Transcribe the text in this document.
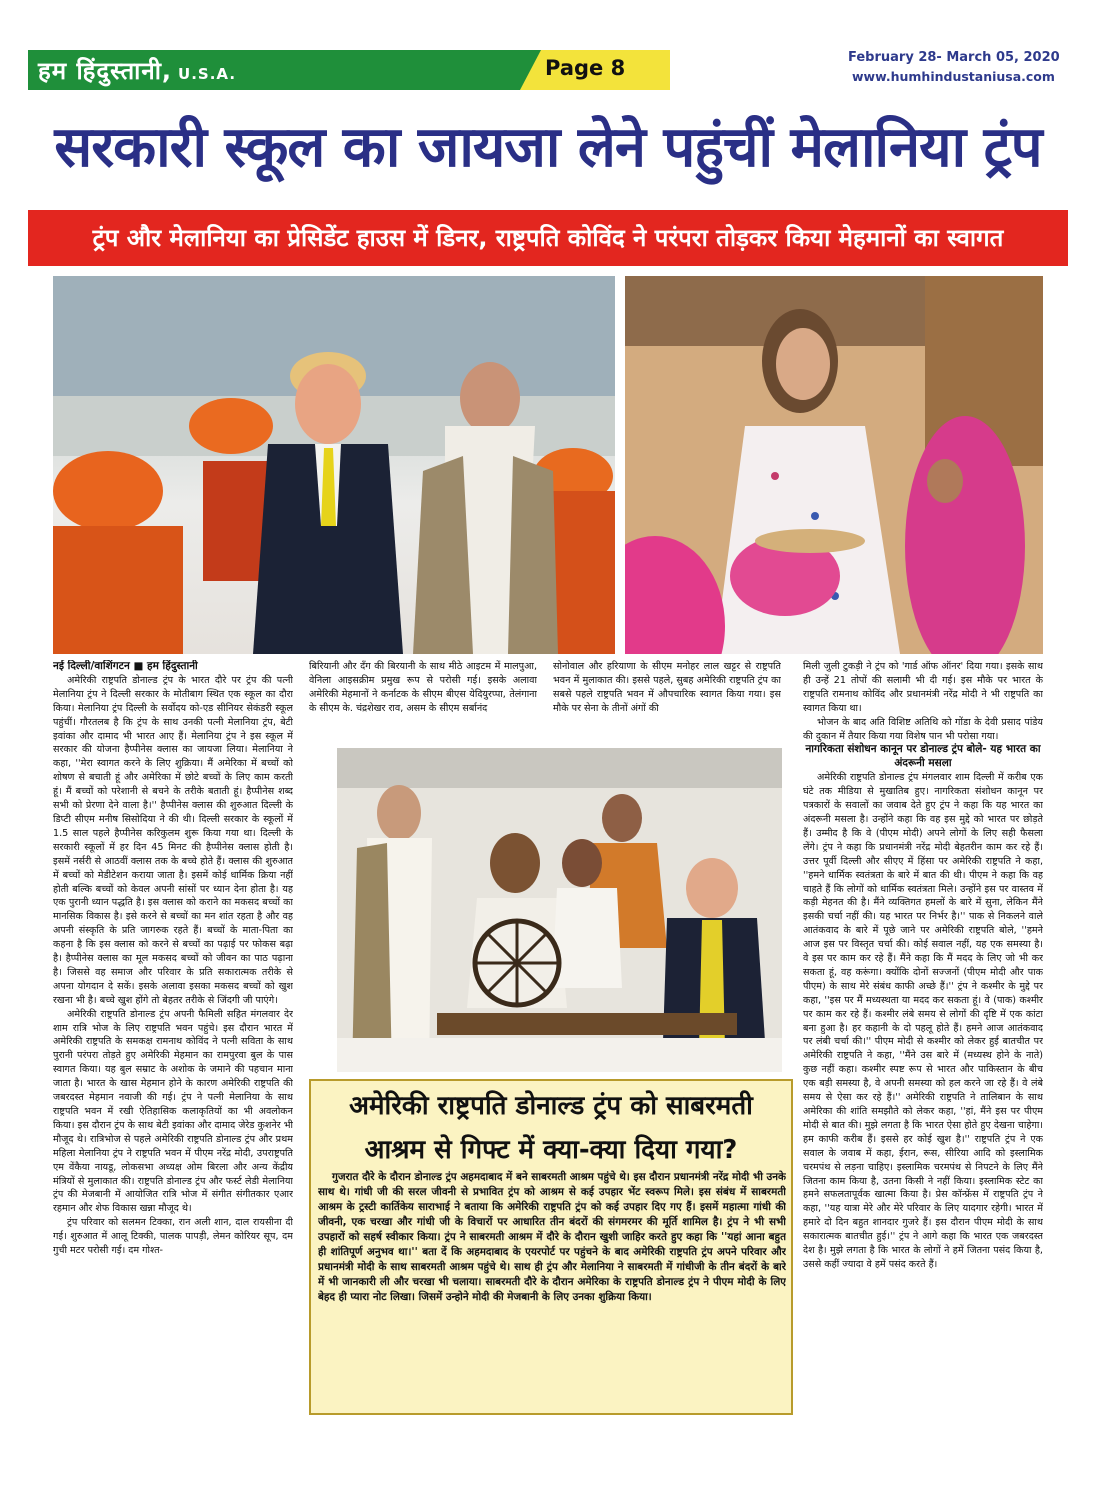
हम हिंदुस्तानी, U.S.A.	Page 8	February 28- March 05, 2020
www.humhindustaniusa.com
सरकारी स्कूल का जायजा लेने पहुंचीं मेलानिया ट्रंप
ट्रंप और मेलानिया का प्रेसिडेंट हाउस में डिनर, राष्ट्रपति कोविंद ने परंपरा तोड़कर किया मेहमानों का स्वागत

नई दिल्ली/वाशिंगटन ■ हम हिंदुस्तानी

अमेरिकी राष्ट्रपति डोनाल्ड ट्रंप के भारत दौरे पर ट्रंप की पत्नी मेलानिया ट्रंप ने दिल्ली सरकार के मोतीबाग स्थित एक स्कूल का दौरा किया। मेलानिया ट्रंप दिल्ली के सर्वोदय को-एड सीनियर सेकंडरी स्कूल पहुंचीं। गौरतलब है कि ट्रंप के साथ उनकी पत्नी मेलानिया ट्रंप, बेटी इवांका और दामाद भी भारत आए हैं। मेलानिया ट्रंप ने इस स्कूल में सरकार की योजना हैप्पीनेस क्लास का जायजा लिया। मेलानिया ने कहा, ''मेरा स्वागत करने के लिए शुक्रिया। मैं अमेरिका में बच्चों को शोषण से बचाती हूं और अमेरिका में छोटे बच्चों के लिए काम करती हूं। मैं बच्चों को परेशानी से बचने के तरीके बताती हूं। हैप्पीनेस शब्द सभी को प्रेरणा देने वाला है।'' हैप्पीनेस क्लास की शुरुआत दिल्ली के डिप्टी सीएम मनीष सिसोदिया ने की थी। दिल्ली सरकार के स्कूलों में 1.5 साल पहले हैप्पीनेस करिकुलम शुरू किया गया था। दिल्ली के सरकारी स्कूलों में हर दिन 45 मिनट की हैप्पीनेस क्लास होती है। इसमें नर्सरी से आठवीं क्लास तक के बच्चे होते हैं। क्लास की शुरुआत में बच्चों को मेडीटेशन कराया जाता है। इसमें कोई धार्मिक क्रिया नहीं होती बल्कि बच्चों को केवल अपनी सांसों पर ध्यान देना होता है। यह एक पुरानी ध्यान पद्धति है। इस क्लास को कराने का मकसद बच्चों का मानसिक विकास है। इसे करने से बच्चों का मन शांत रहता है और वह अपनी संस्कृति के प्रति जागरुक रहते हैं। बच्चों के माता-पिता का कहना है कि इस क्लास को करने से बच्चों का पढ़ाई पर फोकस बढ़ा है। हैप्पीनेस क्लास का मूल मकसद बच्चों को जीवन का पाठ पढ़ाना है। जिससे वह समाज और परिवार के प्रति सकारात्मक तरीके से अपना योगदान दे सकें। इसके अलावा इसका मकसद बच्चों को खुश रखना भी है। बच्चे खुश होंगे तो बेहतर तरीके से जिंदगी जी पाएंगे।

अमेरिकी राष्ट्रपति डोनाल्ड ट्रंप अपनी फैमिली सहित मंगलवार देर शाम रात्रि भोज के लिए राष्ट्रपति भवन पहुंचे। इस दौरान भारत में अमेरिकी राष्ट्रपति के समकक्ष रामनाथ कोविंद ने पत्नी सविता के साथ पुरानी परंपरा तोड़ते हुए अमेरिकी मेहमान का रामपुरवा बुल के पास स्वागत किया। यह बुल सम्राट के अशोक के जमाने की पहचान माना जाता है। भारत के खास मेहमान होने के कारण अमेरिकी राष्ट्रपति की जबरदस्त मेहमान नवाजी की गई। ट्रंप ने पत्नी मेलानिया के साथ राष्ट्रपति भवन में रखी ऐतिहासिक कलाकृतियों का भी अवलोकन किया। इस दौरान ट्रंप के साथ बेटी इवांका और दामाद जेरेड कुशनेर भी मौजूद थे। रात्रिभोज से पहले अमेरिकी राष्ट्रपति डोनाल्ड ट्रंप और प्रथम महिला मेलानिया ट्रंप ने राष्ट्रपति भवन में पीएम नरेंद्र मोदी, उपराष्ट्रपति एम वेंकैया नायडू, लोकसभा अध्यक्ष ओम बिरला और अन्य केंद्रीय मंत्रियों से मुलाकात की। राष्ट्रपति डोनाल्ड ट्रंप और फर्स्ट लेडी मेलानिया ट्रंप की मेजबानी में आयोजित रात्रि भोज में संगीत संगीतकार एआर रहमान और शेफ विकास खन्ना मौजूद थे।

ट्रंप परिवार को सलमन टिक्का, रान अली शान, दाल रायसीना दी गई। शुरुआत में आलू टिक्की, पालक पापड़ी, लेमन कोरियर सूप, दम गुची मटर परोसी गई। दम गोश्त-

बिरियानी और दँग की बिरयानी के साथ मीठे आइटम में मालपुआ, वेनिला आइसक्रीम प्रमुख रूप से परोसी गई। इसके अलावा अमेरिकी मेहमानों ने कर्नाटक के सीएम बीएस येदियुरप्पा, तेलंगाना के सीएम के. चंद्रशेखर राव, असम के सीएम सर्बानंद

सोनोवाल और हरियाणा के सीएम मनोहर लाल खट्टर से राष्ट्रपति भवन में मुलाकात की। इससे पहले, सुबह अमेरिकी राष्ट्रपति ट्रंप का सबसे पहले राष्ट्रपति भवन में औपचारिक स्वागत किया गया। इस मौके पर सेना के तीनों अंगों की

मिली जुली टुकड़ी ने ट्रंप को 'गार्ड ऑफ ऑनर' दिया गया। इसके साथ ही उन्हें 21 तोपों की सलामी भी दी गई। इस मौके पर भारत के राष्ट्रपति रामनाथ कोविंद और प्रधानमंत्री नरेंद्र मोदी ने भी राष्ट्रपति का स्वागत किया था।

भोजन के बाद अति विशिष्ट अतिथि को गोंडा के देवी प्रसाद पांडेय की दुकान में तैयार किया गया विशेष पान भी परोसा गया।

नागरिकता संशोधन कानून पर डोनाल्ड ट्रंप बोले- यह भारत का अंदरूनी मसला

अमेरिकी राष्ट्रपति डोनाल्ड ट्रंप मंगलवार शाम दिल्ली में करीब एक घंटे तक मीडिया से मुखातिब हुए। नागरिकता संशोधन कानून पर पत्रकारों के सवालों का जवाब देते हुए ट्रंप ने कहा कि यह भारत का अंदरूनी मसला है। उन्होंने कहा कि वह इस मुद्दे को भारत पर छोड़ते हैं। उम्मीद है कि वे (पीएम मोदी) अपने लोगों के लिए सही फैसला लेंगे। ट्रंप ने कहा कि प्रधानमंत्री नरेंद्र मोदी बेहतरीन काम कर रहे हैं। उत्तर पूर्वी दिल्ली और सीएए में हिंसा पर अमेरिकी राष्ट्रपति ने कहा, ''हमने धार्मिक स्वतंत्रता के बारे में बात की थी। पीएम ने कहा कि वह चाहते हैं कि लोगों को धार्मिक स्वतंत्रता मिले। उन्होंने इस पर वास्तव में कड़ी मेहनत की है। मैंने व्यक्तिगत हमलों के बारे में सुना, लेकिन मैंने इसकी चर्चा नहीं की। यह भारत पर निर्भर है।'' पाक से निकलने वाले आतंकवाद के बारे में पूछे जाने पर अमेरिकी राष्ट्रपति बोले, ''हमने आज इस पर विस्तृत चर्चा की। कोई सवाल नहीं, यह एक समस्या है। वे इस पर काम कर रहे हैं। मैंने कहा कि मैं मदद के लिए जो भी कर सकता हूं, वह करूंगा। क्योंकि दोनों सज्जनों (पीएम मोदी और पाक पीएम) के साथ मेरे संबंध काफी अच्छे हैं।'' ट्रंप ने कश्मीर के मुद्दे पर कहा, ''इस पर मैं मध्यस्थता या मदद कर सकता हूं। वे (पाक) कश्मीर पर काम कर रहे हैं। कश्मीर लंबे समय से लोगों की दृष्टि में एक कांटा बना हुआ है। हर कहानी के दो पहलू होते हैं। हमने आज आतंकवाद पर लंबी चर्चा की।'' पीएम मोदी से कश्मीर को लेकर हुई बातचीत पर अमेरिकी राष्ट्रपति ने कहा, ''मैंने उस बारे में (मध्यस्थ होने के नाते) कुछ नहीं कहा। कश्मीर स्पष्ट रूप से भारत और पाकिस्तान के बीच एक बड़ी समस्या है, वे अपनी समस्या को हल करने जा रहे हैं। वे लंबे समय से ऐसा कर रहे हैं।'' अमेरिकी राष्ट्रपति ने तालिबान के साथ अमेरिका की शांति समझौते को लेकर कहा, ''हां, मैंने इस पर पीएम मोदी से बात की। मुझे लगता है कि भारत ऐसा होते हुए देखना चाहेगा। हम काफी करीब हैं। इससे हर कोई खुश है।'' राष्ट्रपति ट्रंप ने एक सवाल के जवाब में कहा, ईरान, रूस, सीरिया आदि को इस्लामिक चरमपंथ से लड़ना चाहिए। इस्लामिक चरमपंथ से निपटने के लिए मैंने जितना काम किया है, उतना किसी ने नहीं किया। इस्लामिक स्टेट का हमने सफलतापूर्वक खात्मा किया है। प्रेस कॉन्फ्रेंस में राष्ट्रपति ट्रंप ने कहा, ''यह यात्रा मेरे और मेरे परिवार के लिए यादगार रहेगी। भारत में हमारे दो दिन बहुत शानदार गुजरे हैं। इस दौरान पीएम मोदी के साथ सकारात्मक बातचीत हुई।'' ट्रंप ने आगे कहा कि भारत एक जबरदस्त देश है। मुझे लगता है कि भारत के लोगों ने हमें जितना पसंद किया है, उससे कहीं ज्यादा वे हमें पसंद करते हैं।

अमेरिकी राष्ट्रपति डोनाल्ड ट्रंप को साबरमती
आश्रम से गिफ्ट में क्या-क्या दिया गया?

गुजरात दौरे के दौरान डोनाल्ड ट्रंप अहमदाबाद में बने साबरमती आश्रम पहुंचे थे। इस दौरान प्रधानमंत्री नरेंद्र मोदी भी उनके साथ थे। गांधी जी की सरल जीवनी से प्रभावित ट्रंप को आश्रम से कई उपहार भेंट स्वरूप मिले। इस संबंध में साबरमती आश्रम के ट्रस्टी कार्तिकेय साराभाई ने बताया कि अमेरिकी राष्ट्रपति ट्रंप को कई उपहार दिए गए हैं। इसमें महात्मा गांधी की जीवनी, एक चरखा और गांधी जी के विचारों पर आधारित तीन बंदरों की संगमरमर की मूर्ति शामिल है। ट्रंप ने भी सभी उपहारों को सहर्ष स्वीकार किया। ट्रंप ने साबरमती आश्रम में दौरे के दौरान खुशी जाहिर करते हुए कहा कि ''यहां आना बहुत ही शांतिपूर्ण अनुभव था।'' बता दें कि अहमदाबाद के एयरपोर्ट पर पहुंचने के बाद अमेरिकी राष्ट्रपति ट्रंप अपने परिवार और प्रधानमंत्री मोदी के साथ साबरमती आश्रम पहुंचे थे। साथ ही ट्रंप और मेलानिया ने साबरमती में गांधीजी के तीन बंदरों के बारे में भी जानकारी ली और चरखा भी चलाया। साबरमती दौरे के दौरान अमेरिका के राष्ट्रपति डोनाल्ड ट्रंप ने पीएम मोदी के लिए बेहद ही प्यारा नोट लिखा। जिसमें उन्होने मोदी की मेजबानी के लिए उनका शुक्रिया किया।
